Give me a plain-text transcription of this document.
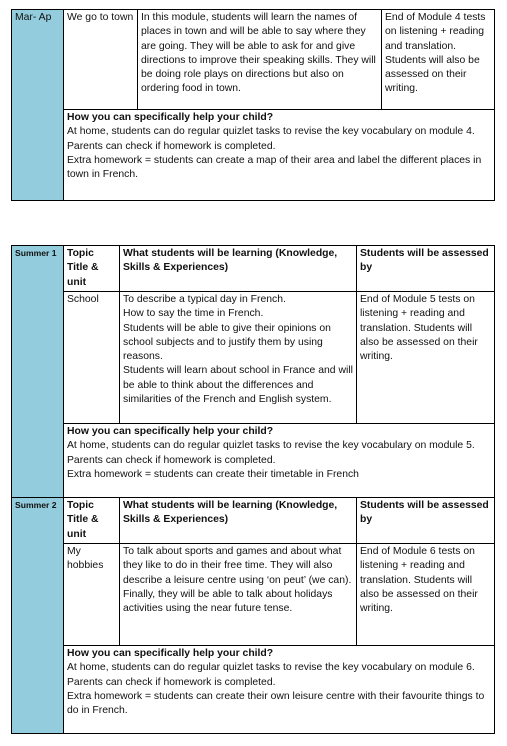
Mar- Ap	We go to town	In this module, students will learn the names of places in town and will be able to say where they are going. They will be able to ask for and give directions to improve their speaking skills. They will be doing role plays on directions but also on ordering food in town.	End of Module 4 tests on listening + reading and translation. Students will also be assessed on their writing.

How you can specifically help your child?
At home, students can do regular quizlet tasks to revise the key vocabulary on module 4. Parents can check if homework is completed.
Extra homework = students can create a map of their area and label the different places in town in French.
Summer 1	Topic Title & unit	What students will be learning (Knowledge, Skills & Experiences)	Students will be assessed by
	School	To describe a typical day in French.
How to say the time in French.
Students will be able to give their opinions on school subjects and to justify them by using reasons.
Students will learn about school in France and will be able to think about the differences and similarities of the French and English system.	End of Module 5 tests on listening + reading and translation. Students will also be assessed on their writing.

	How you can specifically help your child?
At home, students can do regular quizlet tasks to revise the key vocabulary on module 5. Parents can check if homework is completed.
Extra homework = students can create their timetable in French		

Summer 2	Topic Title & unit	What students will be learning (Knowledge, Skills & Experiences)	Students will be assessed by
	My hobbies	To talk about sports and games and about what they like to do in their free time. They will also describe a leisure centre using ‘on peut’ (we can). Finally, they will be able to talk about holidays activities using the near future tense.	End of Module 6 tests on listening + reading and translation. Students will also be assessed on their writing.

	How you can specifically help your child?
At home, students can do regular quizlet tasks to revise the key vocabulary on module 6. Parents can check if homework is completed.
Extra homework = students can create their own leisure centre with their favourite things to do in French.		
